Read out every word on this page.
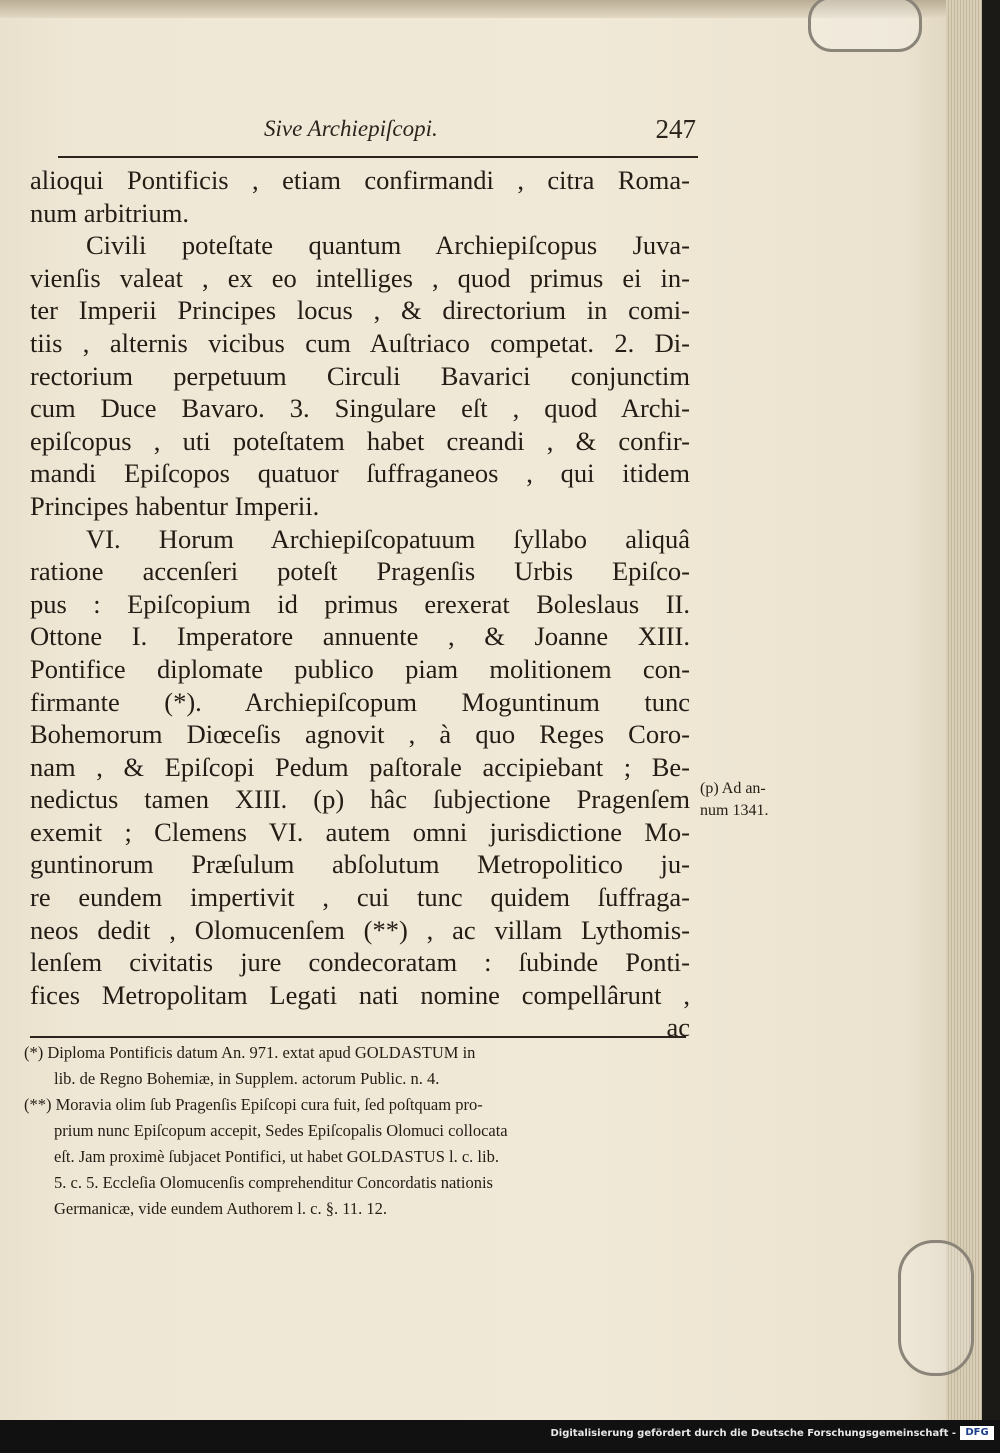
Sive Archiepiſcopi.	247
alioqui Pontificis , etiam confirmandi , citra Roma-
num arbitrium.
Civili poteſtate quantum Archiepiſcopus Juva-
vienſis valeat , ex eo intelliges , quod primus ei in-
ter Imperii Principes locus , & directorium in comi-
tiis , alternis vicibus cum Auſtriaco competat. 2. Di-
rectorium perpetuum Circuli Bavarici conjunctim
cum Duce Bavaro. 3. Singulare eſt , quod Archi-
epiſcopus , uti poteſtatem habet creandi , & confir-
mandi Epiſcopos quatuor ſuffraganeos , qui itidem
Principes habentur Imperii.
VI. Horum Archiepiſcopatuum ſyllabo aliquâ
ratione accenſeri poteſt Pragenſis Urbis Epiſco-
pus : Epiſcopium id primus erexerat Boleslaus II.
Ottone I. Imperatore annuente , & Joanne XIII.
Pontifice diplomate publico piam molitionem con-
firmante (*). Archiepiſcopum Moguntinum tunc
Bohemorum Diœceſis agnovit , à quo Reges Coro-
nam , & Epiſcopi Pedum paſtorale accipiebant ; Be-
nedictus tamen XIII. (p) hâc ſubjectione Pragenſem
exemit ; Clemens VI. autem omni jurisdictione Mo-
guntinorum Præſulum abſolutum Metropolitico ju-
re eundem impertivit , cui tunc quidem ſuffraga-
neos dedit , Olomucenſem (**) , ac villam Lythomis-
lenſem civitatis jure condecoratam : ſubinde Ponti-
fices Metropolitam Legati nati nomine compellârunt ,
ac
(p) Ad an-
num 1341.
(*) Diploma Pontificis datum An. 971. extat apud GOLDASTUM in
lib. de Regno Bohemiæ, in Supplem. actorum Public. n. 4.
(**) Moravia olim ſub Pragenſis Epiſcopi cura fuit, ſed poſtquam pro-
prium nunc Epiſcopum accepit, Sedes Epiſcopalis Olomuci collocata
eſt. Jam proximè ſubjacet Pontifici, ut habet GOLDASTUS l. c. lib.
5. c. 5. Eccleſia Olomucenſis comprehenditur Concordatis nationis
Germanicæ, vide eundem Authorem l. c. §. 11. 12.
Digitalisierung gefördert durch die Deutsche Forschungsgemeinschaft - DFG
